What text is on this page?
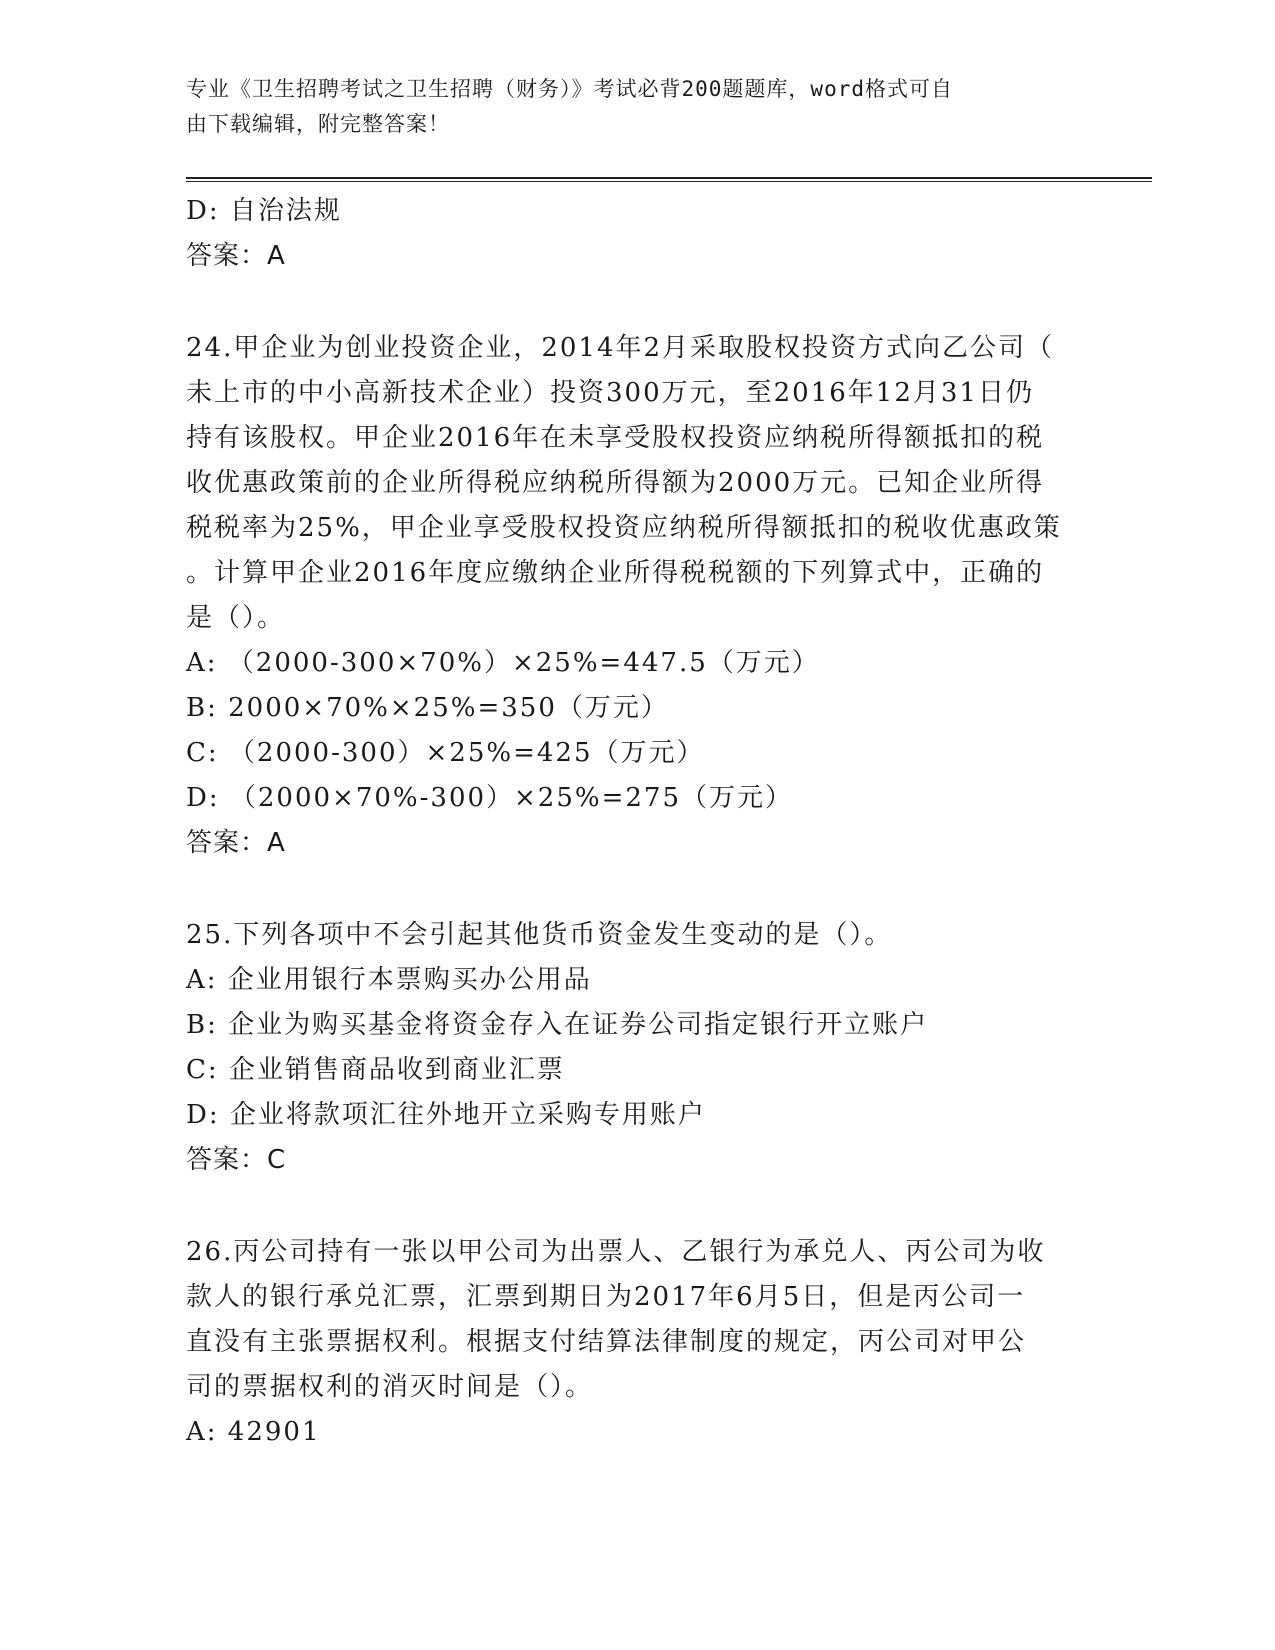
专业《卫生招聘考试之卫生招聘（财务）》考试必背200题题库，word格式可自
由下载编辑，附完整答案！
D: 自治法规
答案：A
24.甲企业为创业投资企业，2014年2月采取股权投资方式向乙公司（
未上市的中小高新技术企业）投资300万元，至2016年12月31日仍
持有该股权。甲企业2016年在未享受股权投资应纳税所得额抵扣的税
收优惠政策前的企业所得税应纳税所得额为2000万元。已知企业所得
税税率为25%，甲企业享受股权投资应纳税所得额抵扣的税收优惠政策
。计算甲企业2016年度应缴纳企业所得税税额的下列算式中，正确的
是（）。
A: （2000-300×70%）×25%=447.5（万元）
B: 2000×70%×25%=350（万元）
C: （2000-300）×25%=425（万元）
D: （2000×70%-300）×25%=275（万元）
答案：A
25.下列各项中不会引起其他货币资金发生变动的是（）。
A: 企业用银行本票购买办公用品
B: 企业为购买基金将资金存入在证券公司指定银行开立账户
C: 企业销售商品收到商业汇票
D: 企业将款项汇往外地开立采购专用账户
答案：C
26.丙公司持有一张以甲公司为出票人、乙银行为承兑人、丙公司为收
款人的银行承兑汇票，汇票到期日为2017年6月5日，但是丙公司一
直没有主张票据权利。根据支付结算法律制度的规定，丙公司对甲公
司的票据权利的消灭时间是（）。
A: 42901
